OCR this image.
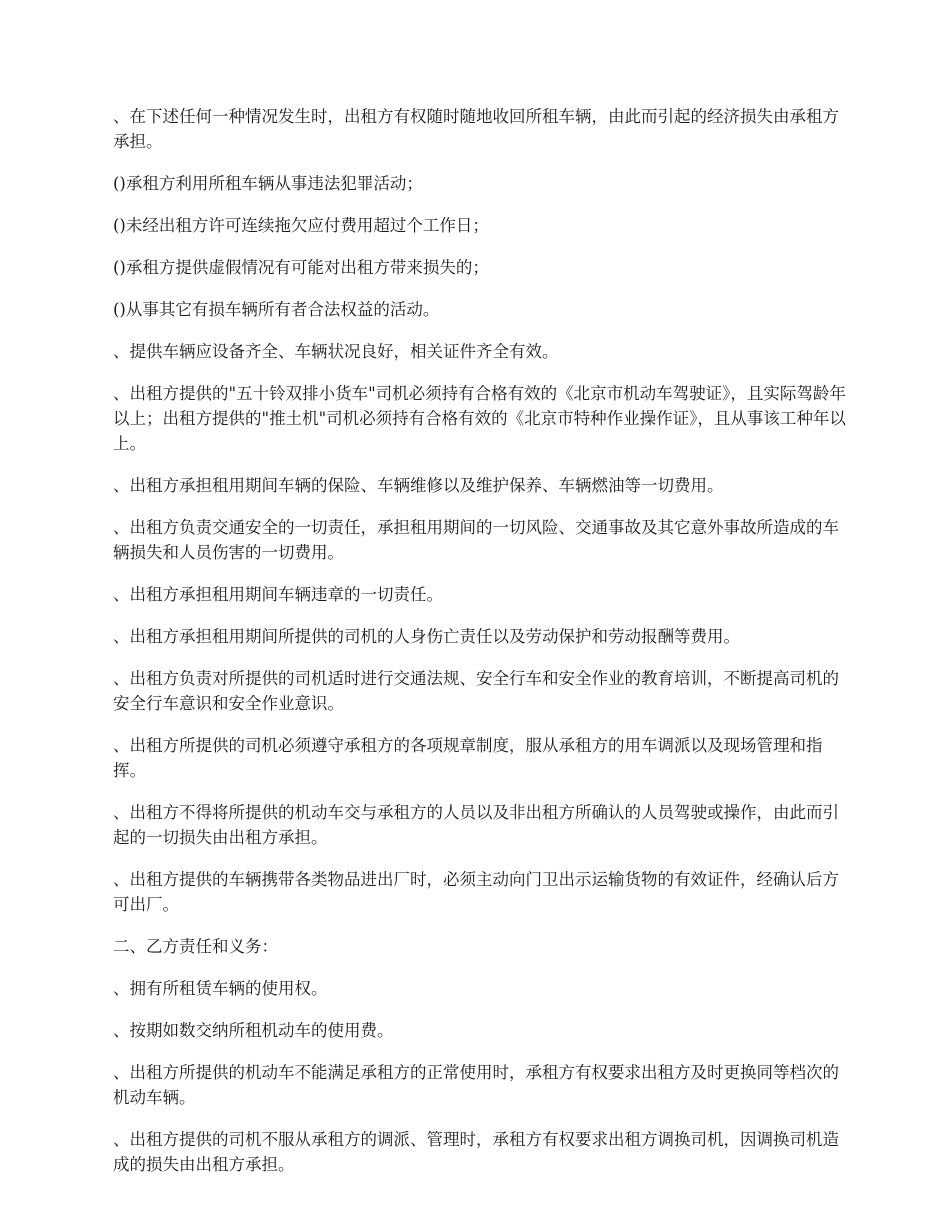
、在下述任何一种情况发生时，出租方有权随时随地收回所租车辆，由此而引起的经济损失由承租方承担。

()承租方利用所租车辆从事违法犯罪活动；

()未经出租方许可连续拖欠应付费用超过个工作日；

()承租方提供虚假情况有可能对出租方带来损失的；

()从事其它有损车辆所有者合法权益的活动。

、提供车辆应设备齐全、车辆状况良好，相关证件齐全有效。

、出租方提供的"五十铃双排小货车"司机必须持有合格有效的《北京市机动车驾驶证》，且实际驾龄年以上；出租方提供的"推土机"司机必须持有合格有效的《北京市特种作业操作证》，且从事该工种年以上。

、出租方承担租用期间车辆的保险、车辆维修以及维护保养、车辆燃油等一切费用。

、出租方负责交通安全的一切责任，承担租用期间的一切风险、交通事故及其它意外事故所造成的车辆损失和人员伤害的一切费用。

、出租方承担租用期间车辆违章的一切责任。

、出租方承担租用期间所提供的司机的人身伤亡责任以及劳动保护和劳动报酬等费用。

、出租方负责对所提供的司机适时进行交通法规、安全行车和安全作业的教育培训，不断提高司机的安全行车意识和安全作业意识。

、出租方所提供的司机必须遵守承租方的各项规章制度，服从承租方的用车调派以及现场管理和指挥。

、出租方不得将所提供的机动车交与承租方的人员以及非出租方所确认的人员驾驶或操作，由此而引起的一切损失由出租方承担。

、出租方提供的车辆携带各类物品进出厂时，必须主动向门卫出示运输货物的有效证件，经确认后方可出厂。

二、乙方责任和义务：

、拥有所租赁车辆的使用权。

、按期如数交纳所租机动车的使用费。

、出租方所提供的机动车不能满足承租方的正常使用时，承租方有权要求出租方及时更换同等档次的机动车辆。

、出租方提供的司机不服从承租方的调派、管理时，承租方有权要求出租方调换司机，因调换司机造成的损失由出租方承担。
